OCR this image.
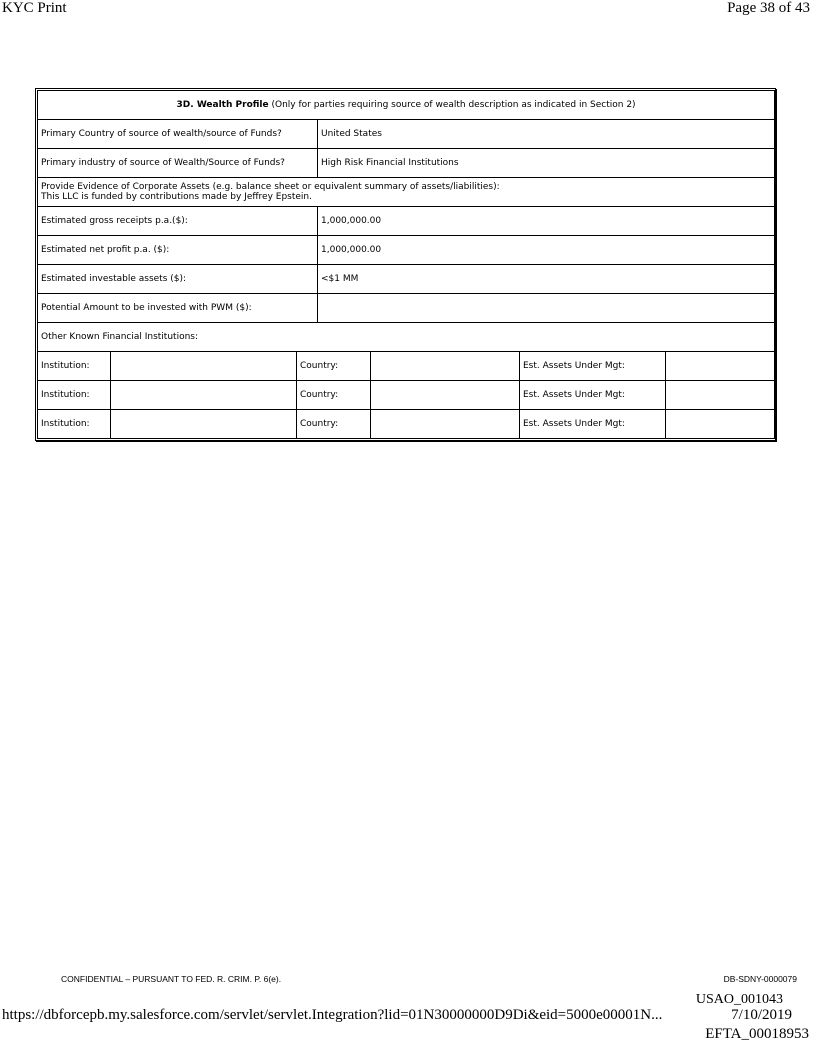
KYC Print	Page 38 of 43
3D. Wealth Profile (Only for parties requiring source of wealth description as indicated in Section 2)						
Primary Country of source of wealth/source of Funds?			United States			
Primary industry of source of Wealth/Source of Funds?			High Risk Financial Institutions			

Provide Evidence of Corporate Assets (e.g. balance sheet or equivalent summary of assets/liabilities):
This LLC is funded by contributions made by Jeffrey Epstein.						

Estimated gross receipts p.a.($):			1,000,000.00			
Estimated net profit p.a. ($):			1,000,000.00			
Estimated investable assets ($):			<$1 MM			
Potential Amount to be invested with PWM ($):						
Other Known Financial Institutions:						
Institution:		Country:			Est. Assets Under Mgt:	
Institution:		Country:			Est. Assets Under Mgt:	
Institution:		Country:			Est. Assets Under Mgt:	
CONFIDENTIAL – PURSUANT TO FED. R. CRIM. P. 6(e).	DB-SDNY-0000079
USAO_001043
https://dbforcepb.my.salesforce.com/servlet/servlet.Integration?lid=01N30000000D9Di&eid=5000e00001N...	7/10/2019
EFTA_00018953
